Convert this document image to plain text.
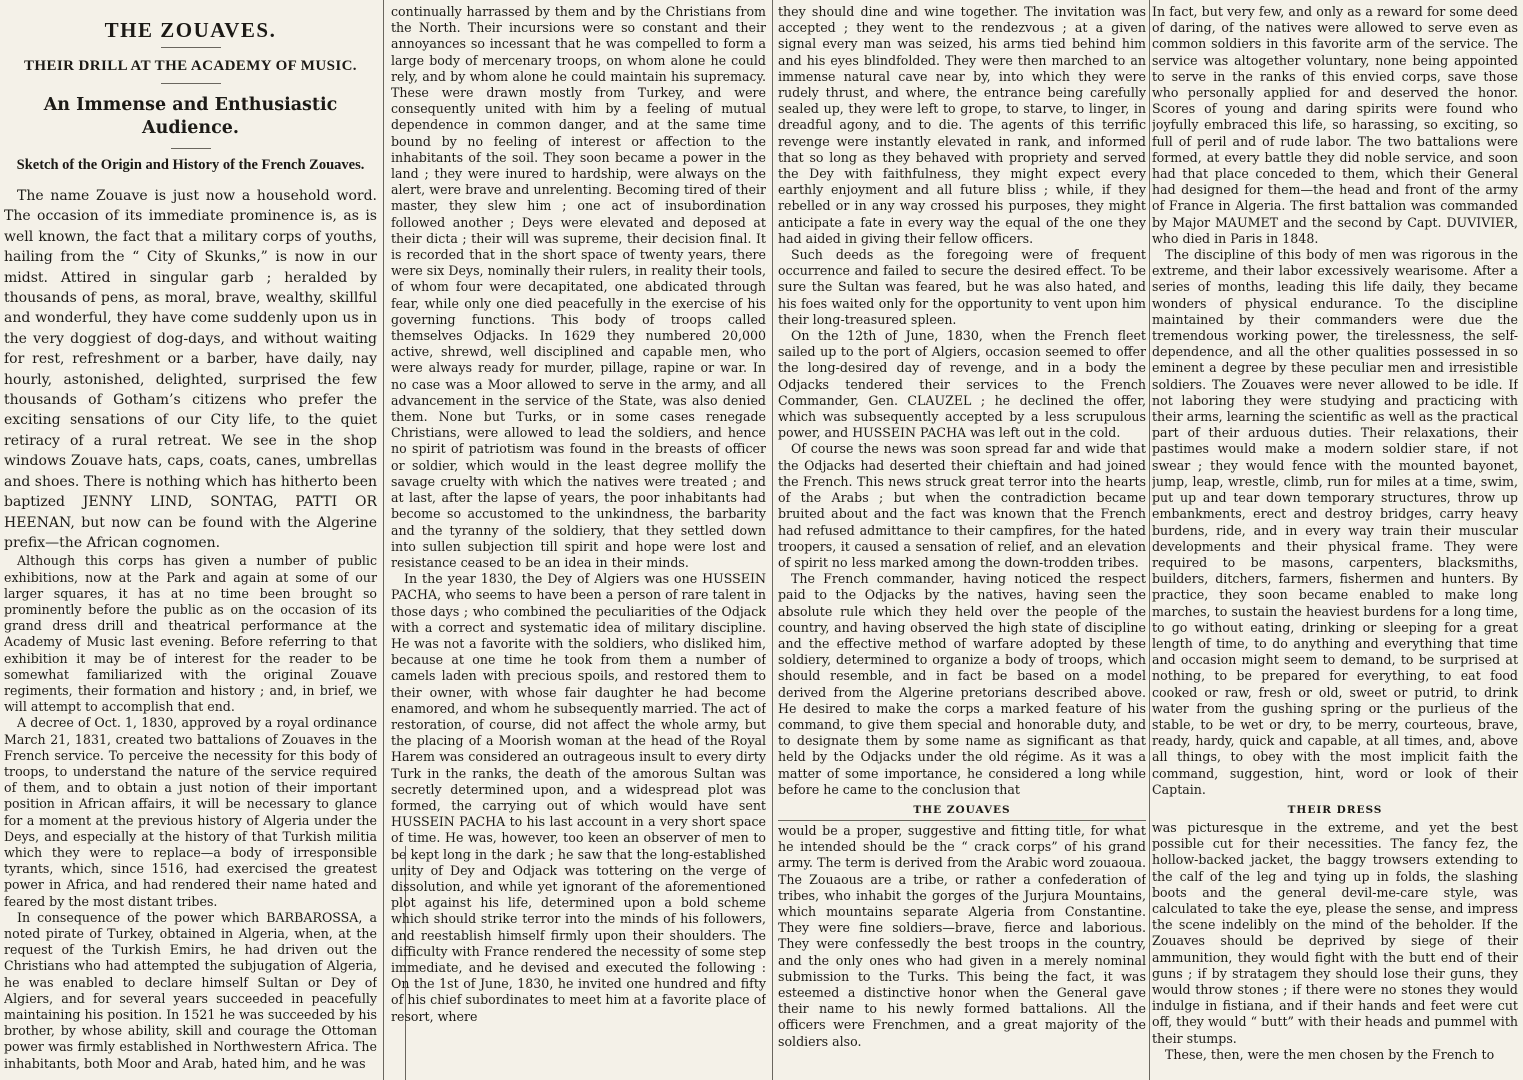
THE ZOUAVES.
THEIR DRILL AT THE ACADEMY OF MUSIC.
An Immense and Enthusiastic Audience.
Sketch of the Origin and History of the French Zouaves.

The name Zouave is just now a household word. The occasion of its immediate prominence is, as is well known, the fact that a military corps of youths, hailing from the “ City of Skunks,” is now in our midst. Attired in singular garb ; heralded by thousands of pens, as moral, brave, wealthy, skillful and wonderful, they have come suddenly upon us in the very doggiest of dog-days, and without waiting for rest, refreshment or a barber, have daily, nay hourly, astonished, delighted, surprised the few thousands of Gotham’s citizens who prefer the exciting sensations of our City life, to the quiet retiracy of a rural retreat. We see in the shop windows Zouave hats, caps, coats, canes, umbrellas and shoes. There is nothing which has hitherto been baptized JENNY LIND, SONTAG, PATTI OR HEENAN, but now can be found with the Algerine prefix—the African cognomen.

Although this corps has given a number of public exhibitions, now at the Park and again at some of our larger squares, it has at no time been brought so prominently before the public as on the occasion of its grand dress drill and theatrical performance at the Academy of Music last evening. Before referring to that exhibition it may be of interest for the reader to be somewhat familiarized with the original Zouave regiments, their formation and history ; and, in brief, we will attempt to accomplish that end.

A decree of Oct. 1, 1830, approved by a royal ordinance March 21, 1831, created two battalions of Zouaves in the French service. To perceive the necessity for this body of troops, to understand the nature of the service required of them, and to obtain a just notion of their important position in African affairs, it will be necessary to glance for a moment at the previous history of Algeria under the Deys, and especially at the history of that Turkish militia which they were to replace—a body of irresponsible tyrants, which, since 1516, had exercised the greatest power in Africa, and had rendered their name hated and feared by the most distant tribes.

In consequence of the power which BARBAROSSA, a noted pirate of Turkey, obtained in Algeria, when, at the request of the Turkish Emirs, he had driven out the Christians who had attempted the subjugation of Algeria, he was enabled to declare himself Sultan or Dey of Algiers, and for several years succeeded in peacefully maintaining his position. In 1521 he was succeeded by his brother, by whose ability, skill and courage the Ottoman power was firmly established in Northwestern Africa. The inhabitants, both Moor and Arab, hated him, and he was

continually harrassed by them and by the Christians from the North. Their incursions were so constant and their annoyances so incessant that he was compelled to form a large body of mercenary troops, on whom alone he could rely, and by whom alone he could maintain his supremacy. These were drawn mostly from Turkey, and were consequently united with him by a feeling of mutual dependence in common danger, and at the same time bound by no feeling of interest or affection to the inhabitants of the soil. They soon became a power in the land ; they were inured to hardship, were always on the alert, were brave and unrelenting. Becoming tired of their master, they slew him ; one act of insubordination followed another ; Deys were elevated and deposed at their dicta ; their will was supreme, their decision final. It is recorded that in the short space of twenty years, there were six Deys, nominally their rulers, in reality their tools, of whom four were decapitated, one abdicated through fear, while only one died peacefully in the exercise of his governing functions. This body of troops called themselves Odjacks. In 1629 they numbered 20,000 active, shrewd, well disciplined and capable men, who were always ready for murder, pillage, rapine or war. In no case was a Moor allowed to serve in the army, and all advancement in the service of the State, was also denied them. None but Turks, or in some cases renegade Christians, were allowed to lead the soldiers, and hence no spirit of patriotism was found in the breasts of officer or soldier, which would in the least degree mollify the savage cruelty with which the natives were treated ; and at last, after the lapse of years, the poor inhabitants had become so accustomed to the unkindness, the barbarity and the tyranny of the soldiery, that they settled down into sullen subjection till spirit and hope were lost and resistance ceased to be an idea in their minds.

In the year 1830, the Dey of Algiers was one HUSSEIN PACHA, who seems to have been a person of rare talent in those days ; who combined the peculiarities of the Odjack with a correct and systematic idea of military discipline. He was not a favorite with the soldiers, who disliked him, because at one time he took from them a number of camels laden with precious spoils, and restored them to their owner, with whose fair daughter he had become enamored, and whom he subsequently married. The act of restoration, of course, did not affect the whole army, but the placing of a Moorish woman at the head of the Royal Harem was considered an outrageous insult to every dirty Turk in the ranks, the death of the amorous Sultan was secretly determined upon, and a widespread plot was formed, the carrying out of which would have sent HUSSEIN PACHA to his last account in a very short space of time. He was, however, too keen an observer of men to be kept long in the dark ; he saw that the long-established unity of Dey and Odjack was tottering on the verge of dissolution, and while yet ignorant of the aforementioned plot against his life, determined upon a bold scheme which should strike terror into the minds of his followers, and reestablish himself firmly upon their shoulders. The difficulty with France rendered the necessity of some step immediate, and he devised and executed the following : On the 1st of June, 1830, he invited one hundred and fifty of his chief subordinates to meet him at a favorite place of resort, where

they should dine and wine together. The invitation was accepted ; they went to the rendezvous ; at a given signal every man was seized, his arms tied behind him and his eyes blindfolded. They were then marched to an immense natural cave near by, into which they were rudely thrust, and where, the entrance being carefully sealed up, they were left to grope, to starve, to linger, in dreadful agony, and to die. The agents of this terrific revenge were instantly elevated in rank, and informed that so long as they behaved with propriety and served the Dey with faithfulness, they might expect every earthly enjoyment and all future bliss ; while, if they rebelled or in any way crossed his purposes, they might anticipate a fate in every way the equal of the one they had aided in giving their fellow officers.

Such deeds as the foregoing were of frequent occurrence and failed to secure the desired effect. To be sure the Sultan was feared, but he was also hated, and his foes waited only for the opportunity to vent upon him their long-treasured spleen.

On the 12th of June, 1830, when the French fleet sailed up to the port of Algiers, occasion seemed to offer the long-desired day of revenge, and in a body the Odjacks tendered their services to the French Commander, Gen. CLAUZEL ; he declined the offer, which was subsequently accepted by a less scrupulous power, and HUSSEIN PACHA was left out in the cold.

Of course the news was soon spread far and wide that the Odjacks had deserted their chieftain and had joined the French. This news struck great terror into the hearts of the Arabs ; but when the contradiction became bruited about and the fact was known that the French had refused admittance to their campfires, for the hated troopers, it caused a sensation of relief, and an elevation of spirit no less marked among the down-trodden tribes.

The French commander, having noticed the respect paid to the Odjacks by the natives, having seen the absolute rule which they held over the people of the country, and having observed the high state of discipline and the effective method of warfare adopted by these soldiery, determined to organize a body of troops, which should resemble, and in fact be based on a model derived from the Algerine pretorians described above. He desired to make the corps a marked feature of his command, to give them special and honorable duty, and to designate them by some name as significant as that held by the Odjacks under the old régime. As it was a matter of some importance, he considered a long while before he came to the conclusion that

THE ZOUAVES

would be a proper, suggestive and fitting title, for what he intended should be the “ crack corps” of his grand army. The term is derived from the Arabic word zouaoua. The Zouaous are a tribe, or rather a confederation of tribes, who inhabit the gorges of the Jurjura Mountains, which mountains separate Algeria from Constantine. They were fine soldiers—brave, fierce and laborious. They were confessedly the best troops in the country, and the only ones who had given in a merely nominal submission to the Turks. This being the fact, it was esteemed a distinctive honor when the General gave their name to his newly formed battalions. All the officers were Frenchmen, and a great majority of the soldiers also.

In fact, but very few, and only as a reward for some deed of daring, of the natives were allowed to serve even as common soldiers in this favorite arm of the service. The service was altogether voluntary, none being appointed to serve in the ranks of this envied corps, save those who personally applied for and deserved the honor. Scores of young and daring spirits were found who joyfully embraced this life, so harassing, so exciting, so full of peril and of rude labor. The two battalions were formed, at every battle they did noble service, and soon had that place conceded to them, which their General had designed for them—the head and front of the army of France in Algeria. The first battalion was commanded by Major MAUMET and the second by Capt. DUVIVIER, who died in Paris in 1848.

The discipline of this body of men was rigorous in the extreme, and their labor excessively wearisome. After a series of months, leading this life daily, they became wonders of physical endurance. To the discipline maintained by their commanders were due the tremendous working power, the tirelessness, the self-dependence, and all the other qualities possessed in so eminent a degree by these peculiar men and irresistible soldiers. The Zouaves were never allowed to be idle. If not laboring they were studying and practicing with their arms, learning the scientific as well as the practical part of their arduous duties. Their relaxations, their pastimes would make a modern soldier stare, if not swear ; they would fence with the mounted bayonet, jump, leap, wrestle, climb, run for miles at a time, swim, put up and tear down temporary structures, throw up embankments, erect and destroy bridges, carry heavy burdens, ride, and in every way train their muscular developments and their physical frame. They were required to be masons, carpenters, blacksmiths, builders, ditchers, farmers, fishermen and hunters. By practice, they soon became enabled to make long marches, to sustain the heaviest burdens for a long time, to go without eating, drinking or sleeping for a great length of time, to do anything and everything that time and occasion might seem to demand, to be surprised at nothing, to be prepared for everything, to eat food cooked or raw, fresh or old, sweet or putrid, to drink water from the gushing spring or the purlieus of the stable, to be wet or dry, to be merry, courteous, brave, ready, hardy, quick and capable, at all times, and, above all things, to obey with the most implicit faith the command, suggestion, hint, word or look of their Captain.

THEIR DRESS

was picturesque in the extreme, and yet the best possible cut for their necessities. The fancy fez, the hollow-backed jacket, the baggy trowsers extending to the calf of the leg and tying up in folds, the slashing boots and the general devil-me-care style, was calculated to take the eye, please the sense, and impress the scene indelibly on the mind of the beholder. If the Zouaves should be deprived by siege of their ammunition, they would fight with the butt end of their guns ; if by stratagem they should lose their guns, they would throw stones ; if there were no stones they would indulge in fistiana, and if their hands and feet were cut off, they would “ butt” with their heads and pummel with their stumps.

These, then, were the men chosen by the French to
